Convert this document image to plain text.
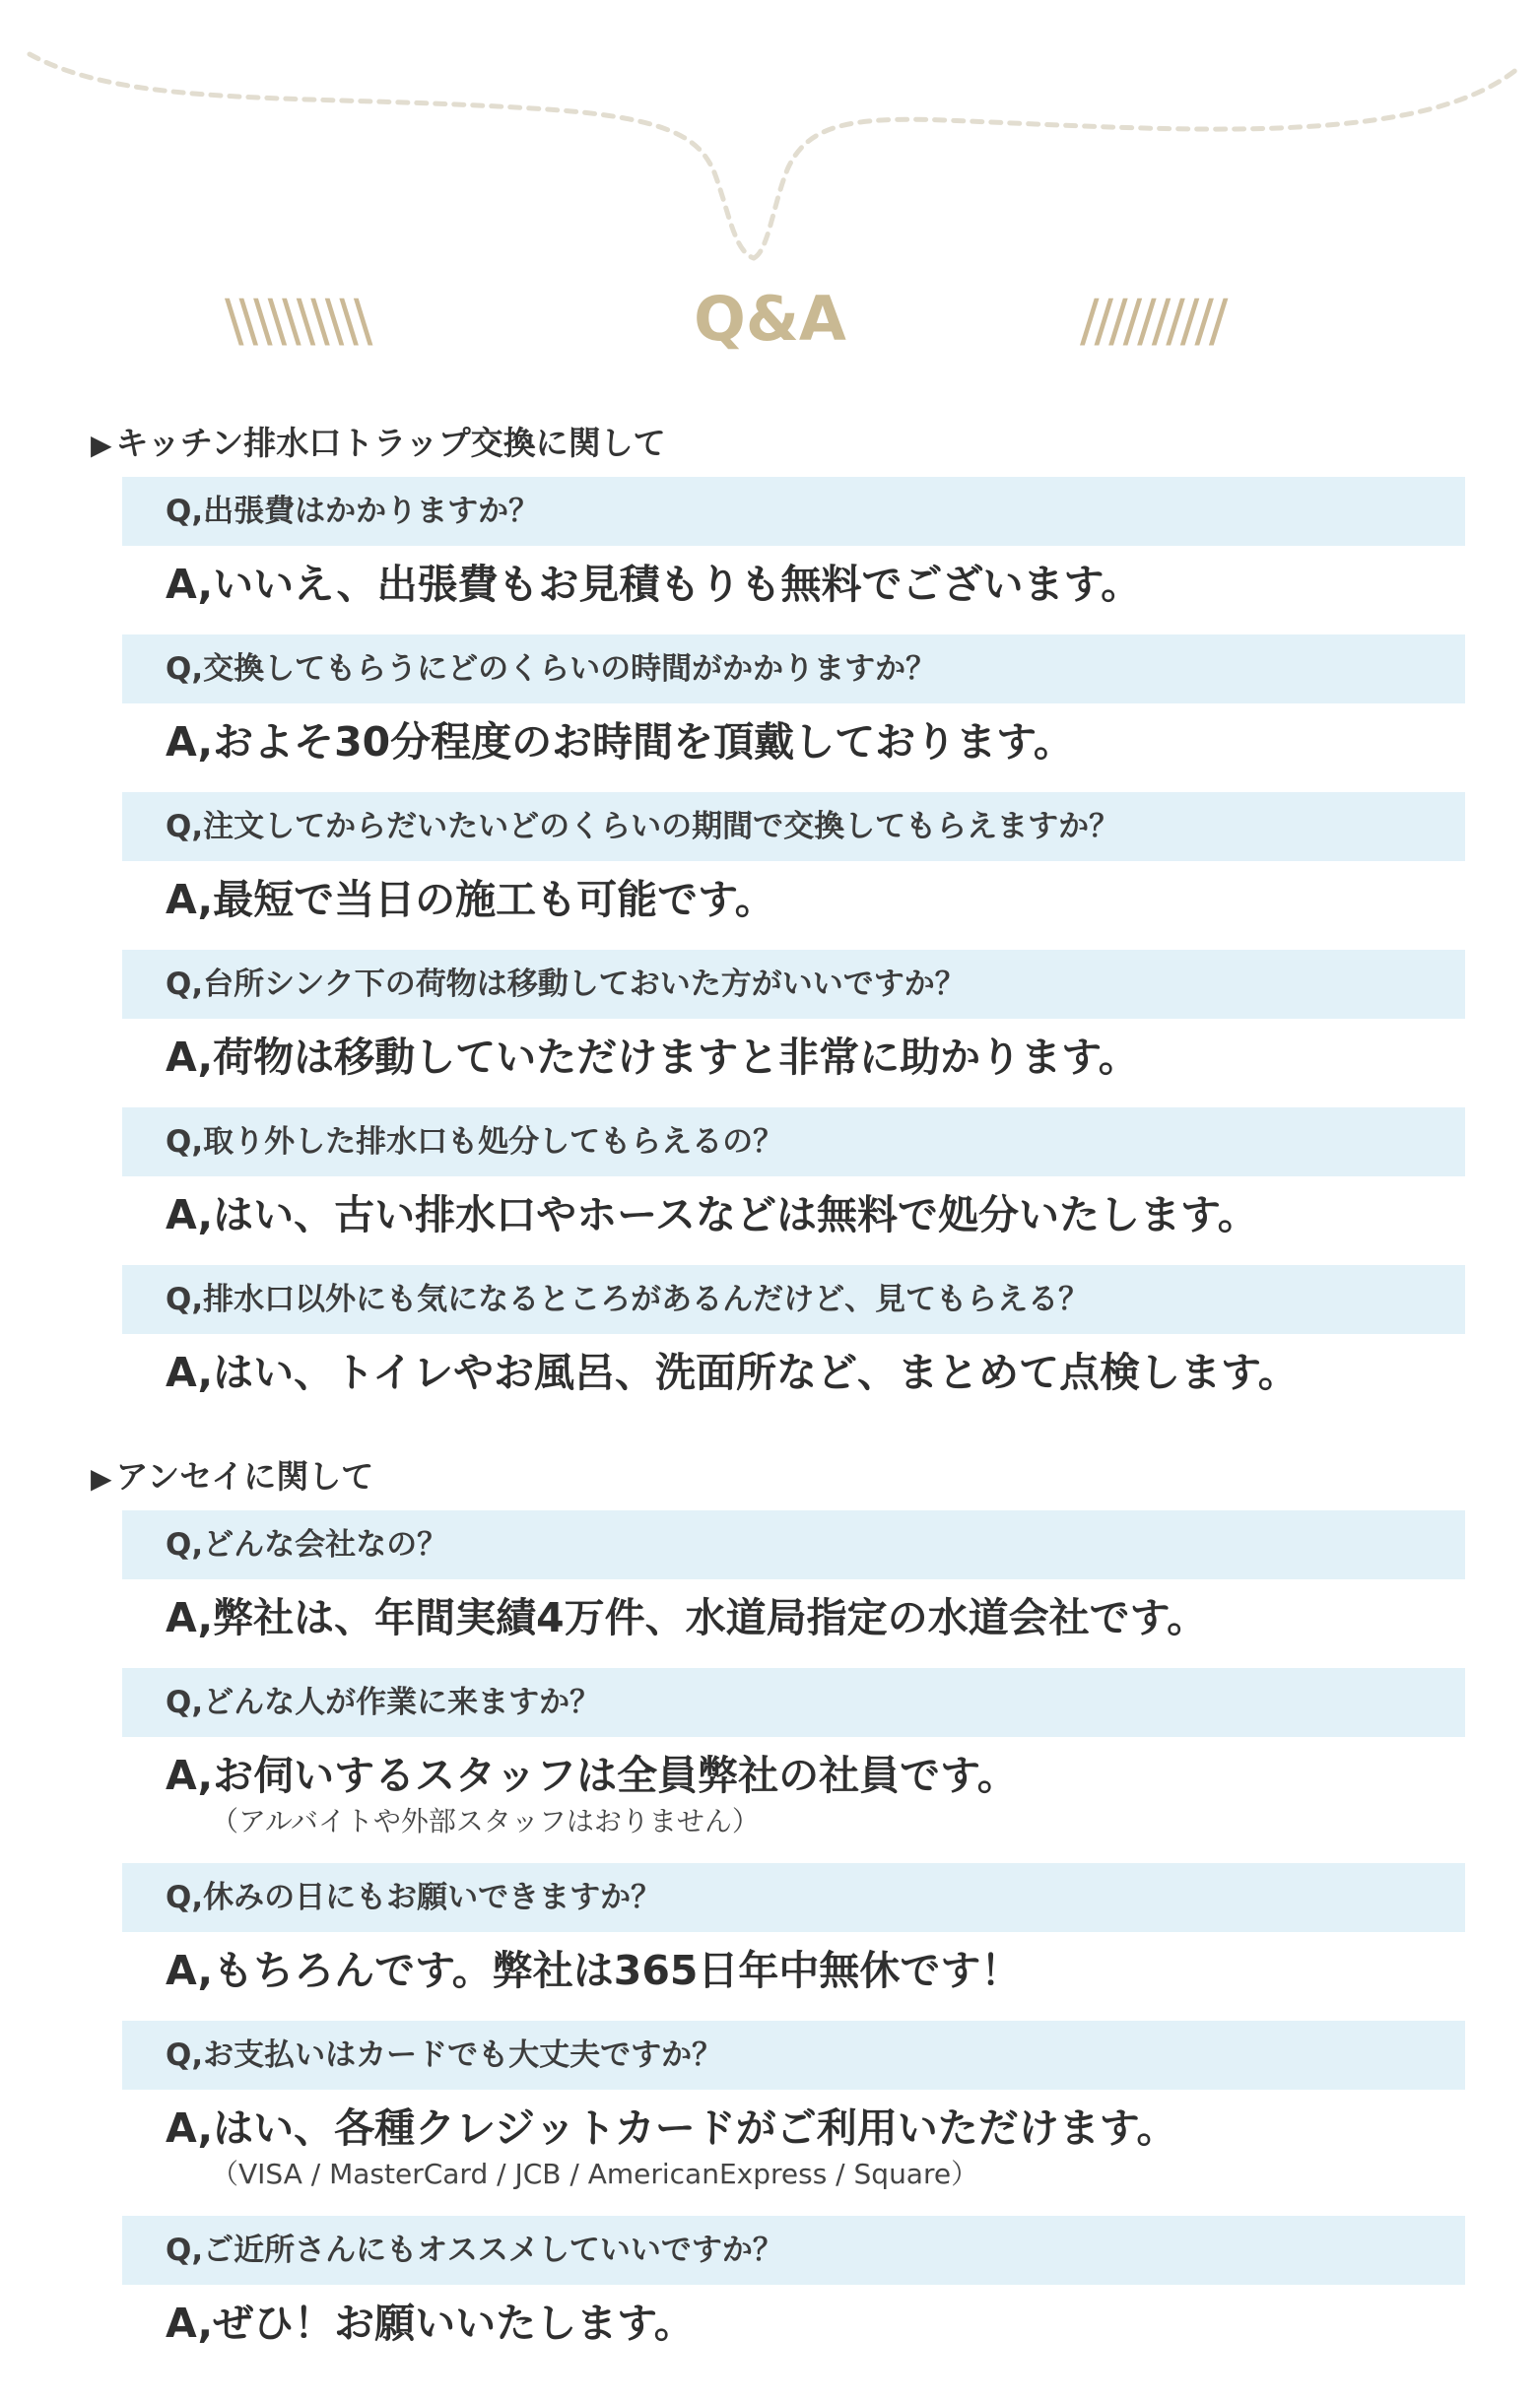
\\\\\\\\\\	Q&A	//////////
▶ キッチン排水口トラップ交換に関して
Q,出張費はかかりますか？
A,いいえ、出張費もお見積もりも無料でございます。
Q,交換してもらうにどのくらいの時間がかかりますか？
A,およそ30分程度のお時間を頂戴しております。
Q,注文してからだいたいどのくらいの期間で交換してもらえますか？
A,最短で当日の施工も可能です。
Q,台所シンク下の荷物は移動しておいた方がいいですか？
A,荷物は移動していただけますと非常に助かります。
Q,取り外した排水口も処分してもらえるの？
A,はい、古い排水口やホースなどは無料で処分いたします。
Q,排水口以外にも気になるところがあるんだけど、見てもらえる？
A,はい、トイレやお風呂、洗面所など、まとめて点検します。
▶ アンセイに関して
Q,どんな会社なの？
A,弊社は、年間実績4万件、水道局指定の水道会社です。
Q,どんな人が作業に来ますか？
A,お伺いするスタッフは全員弊社の社員です。
（アルバイトや外部スタッフはおりません）
Q,休みの日にもお願いできますか？
A,もちろんです。弊社は365日年中無休です！
Q,お支払いはカードでも大丈夫ですか？
A,はい、各種クレジットカードがご利用いただけます。
（VISA / MasterCard / JCB / AmericanExpress / Square）
Q,ご近所さんにもオススメしていいですか？
A,ぜひ！お願いいたします。
